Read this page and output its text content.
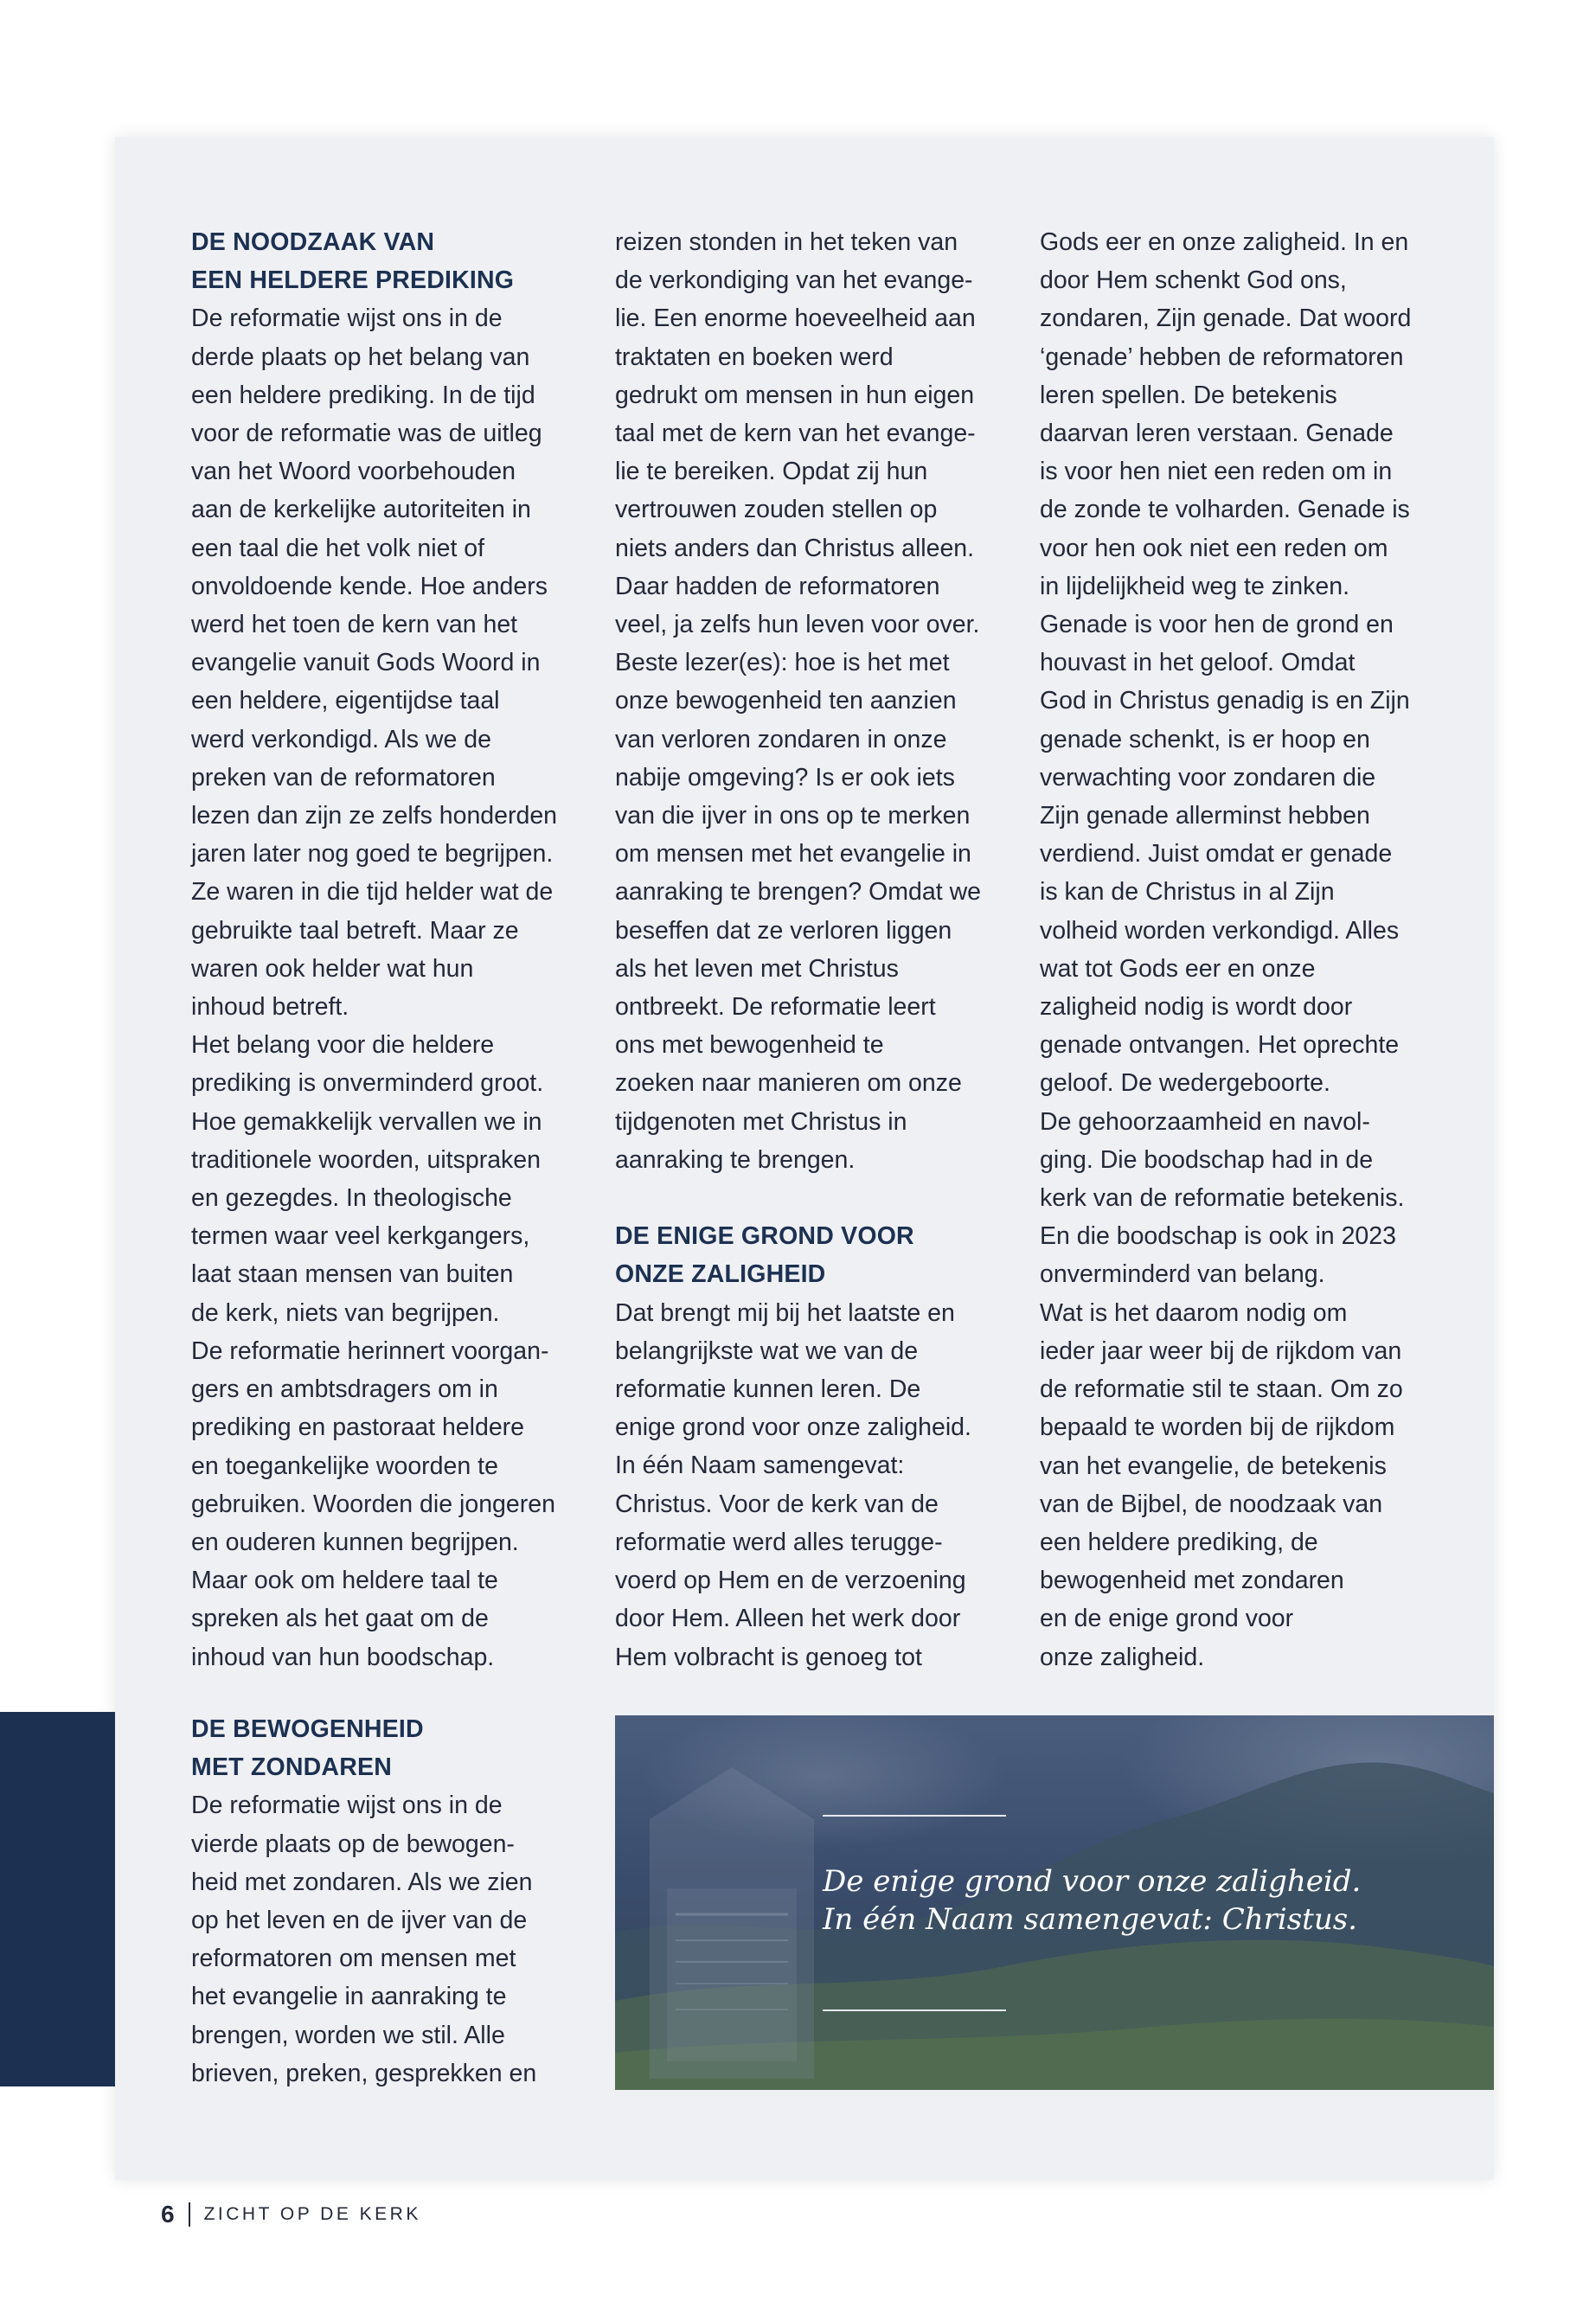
DE NOODZAAK VAN

EEN HELDERE PREDIKING

De reformatie wijst ons in de

derde plaats op het belang van

een heldere prediking. In de tijd

voor de reformatie was de uitleg

van het Woord voorbehouden

aan de kerkelijke autoriteiten in

een taal die het volk niet of

onvoldoende kende. Hoe anders

werd het toen de kern van het

evangelie vanuit Gods Woord in

een heldere, eigentijdse taal

werd verkondigd. Als we de

preken van de reformatoren

lezen dan zijn ze zelfs honderden

jaren later nog goed te begrijpen.

Ze waren in die tijd helder wat de

gebruikte taal betreft. Maar ze

waren ook helder wat hun

inhoud betreft.

Het belang voor die heldere

prediking is onverminderd groot.

Hoe gemakkelijk vervallen we in

traditionele woorden, uitspraken

en gezegdes. In theologische

termen waar veel kerkgangers,

laat staan mensen van buiten

de kerk, niets van begrijpen.

De reformatie herinnert voorgan-

gers en ambtsdragers om in

prediking en pastoraat heldere

en toegankelijke woorden te

gebruiken. Woorden die jongeren

en ouderen kunnen begrijpen.

Maar ook om heldere taal te

spreken als het gaat om de

inhoud van hun boodschap.

DE BEWOGENHEID

MET ZONDAREN

De reformatie wijst ons in de

vierde plaats op de bewogen-

heid met zondaren. Als we zien

op het leven en de ijver van de

reformatoren om mensen met

het evangelie in aanraking te

brengen, worden we stil. Alle

brieven, preken, gesprekken en

reizen stonden in het teken van

de verkondiging van het evange-

lie. Een enorme hoeveelheid aan

traktaten en boeken werd

gedrukt om mensen in hun eigen

taal met de kern van het evange-

lie te bereiken. Opdat zij hun

vertrouwen zouden stellen op

niets anders dan Christus alleen.

Daar hadden de reformatoren

veel, ja zelfs hun leven voor over.

Beste lezer(es): hoe is het met

onze bewogenheid ten aanzien

van verloren zondaren in onze

nabije omgeving? Is er ook iets

van die ijver in ons op te merken

om mensen met het evangelie in

aanraking te brengen? Omdat we

beseffen dat ze verloren liggen

als het leven met Christus

ontbreekt. De reformatie leert

ons met bewogenheid te

zoeken naar manieren om onze

tijdgenoten met Christus in

aanraking te brengen.

DE ENIGE GROND VOOR

ONZE ZALIGHEID

Dat brengt mij bij het laatste en

belangrijkste wat we van de

reformatie kunnen leren. De

enige grond voor onze zaligheid.

In één Naam samengevat:

Christus. Voor de kerk van de

reformatie werd alles terugge-

voerd op Hem en de verzoening

door Hem. Alleen het werk door

Hem volbracht is genoeg tot

Gods eer en onze zaligheid. In en

door Hem schenkt God ons,

zondaren, Zijn genade. Dat woord

‘genade’ hebben de reformatoren

leren spellen. De betekenis

daarvan leren verstaan. Genade

is voor hen niet een reden om in

de zonde te volharden. Genade is

voor hen ook niet een reden om

in lijdelijkheid weg te zinken.

Genade is voor hen de grond en

houvast in het geloof. Omdat

God in Christus genadig is en Zijn

genade schenkt, is er hoop en

verwachting voor zondaren die

Zijn genade allerminst hebben

verdiend. Juist omdat er genade

is kan de Christus in al Zijn

volheid worden verkondigd. Alles

wat tot Gods eer en onze

zaligheid nodig is wordt door

genade ontvangen. Het oprechte

geloof. De wedergeboorte.

De gehoorzaamheid en navol-

ging. Die boodschap had in de

kerk van de reformatie betekenis.

En die boodschap is ook in 2023

onverminderd van belang.

Wat is het daarom nodig om

ieder jaar weer bij de rijkdom van

de reformatie stil te staan. Om zo

bepaald te worden bij de rijkdom

van het evangelie, de betekenis

van de Bijbel, de noodzaak van

een heldere prediking, de

bewogenheid met zondaren

en de enige grond voor

onze zaligheid.

De enige grond voor onze zaligheid.
In één Naam samengevat: Christus.
6 ZICHT OP DE KERK
